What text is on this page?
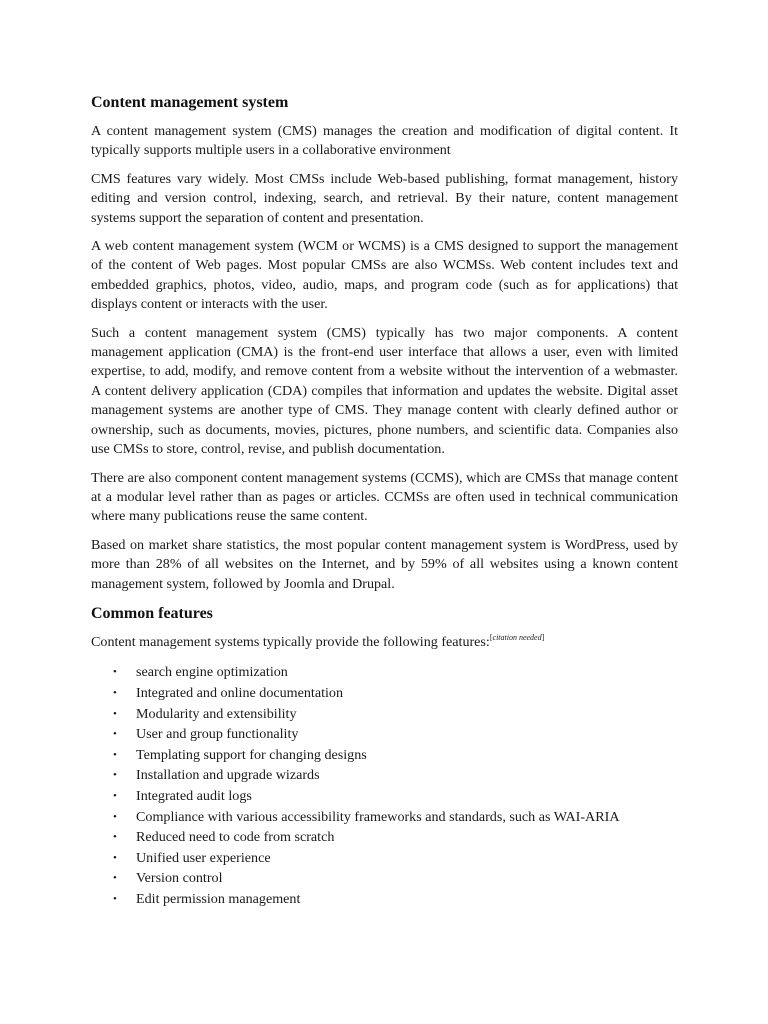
Content management system

A content management system (CMS) manages the creation and modification of digital content. It typically supports multiple users in a collaborative environment

CMS features vary widely. Most CMSs include Web-based publishing, format management, history editing and version control, indexing, search, and retrieval. By their nature, content management systems support the separation of content and presentation.

A web content management system (WCM or WCMS) is a CMS designed to support the management of the content of Web pages. Most popular CMSs are also WCMSs. Web content includes text and embedded graphics, photos, video, audio, maps, and program code (such as for applications) that displays content or interacts with the user.

Such a content management system (CMS) typically has two major components. A content management application (CMA) is the front-end user interface that allows a user, even with limited expertise, to add, modify, and remove content from a website without the intervention of a webmaster. A content delivery application (CDA) compiles that information and updates the website. Digital asset management systems are another type of CMS. They manage content with clearly defined author or ownership, such as documents, movies, pictures, phone numbers, and scientific data. Companies also use CMSs to store, control, revise, and publish documentation.

There are also component content management systems (CCMS), which are CMSs that manage content at a modular level rather than as pages or articles. CCMSs are often used in technical communication where many publications reuse the same content.

Based on market share statistics, the most popular content management system is WordPress, used by more than 28% of all websites on the Internet, and by 59% of all websites using a known content management system, followed by Joomla and Drupal.

Common features

Content management systems typically provide the following features:[citation needed]

• search engine optimization
• Integrated and online documentation
• Modularity and extensibility
• User and group functionality
• Templating support for changing designs
• Installation and upgrade wizards
• Integrated audit logs
• Compliance with various accessibility frameworks and standards, such as WAI-ARIA
• Reduced need to code from scratch
• Unified user experience
• Version control
• Edit permission management
